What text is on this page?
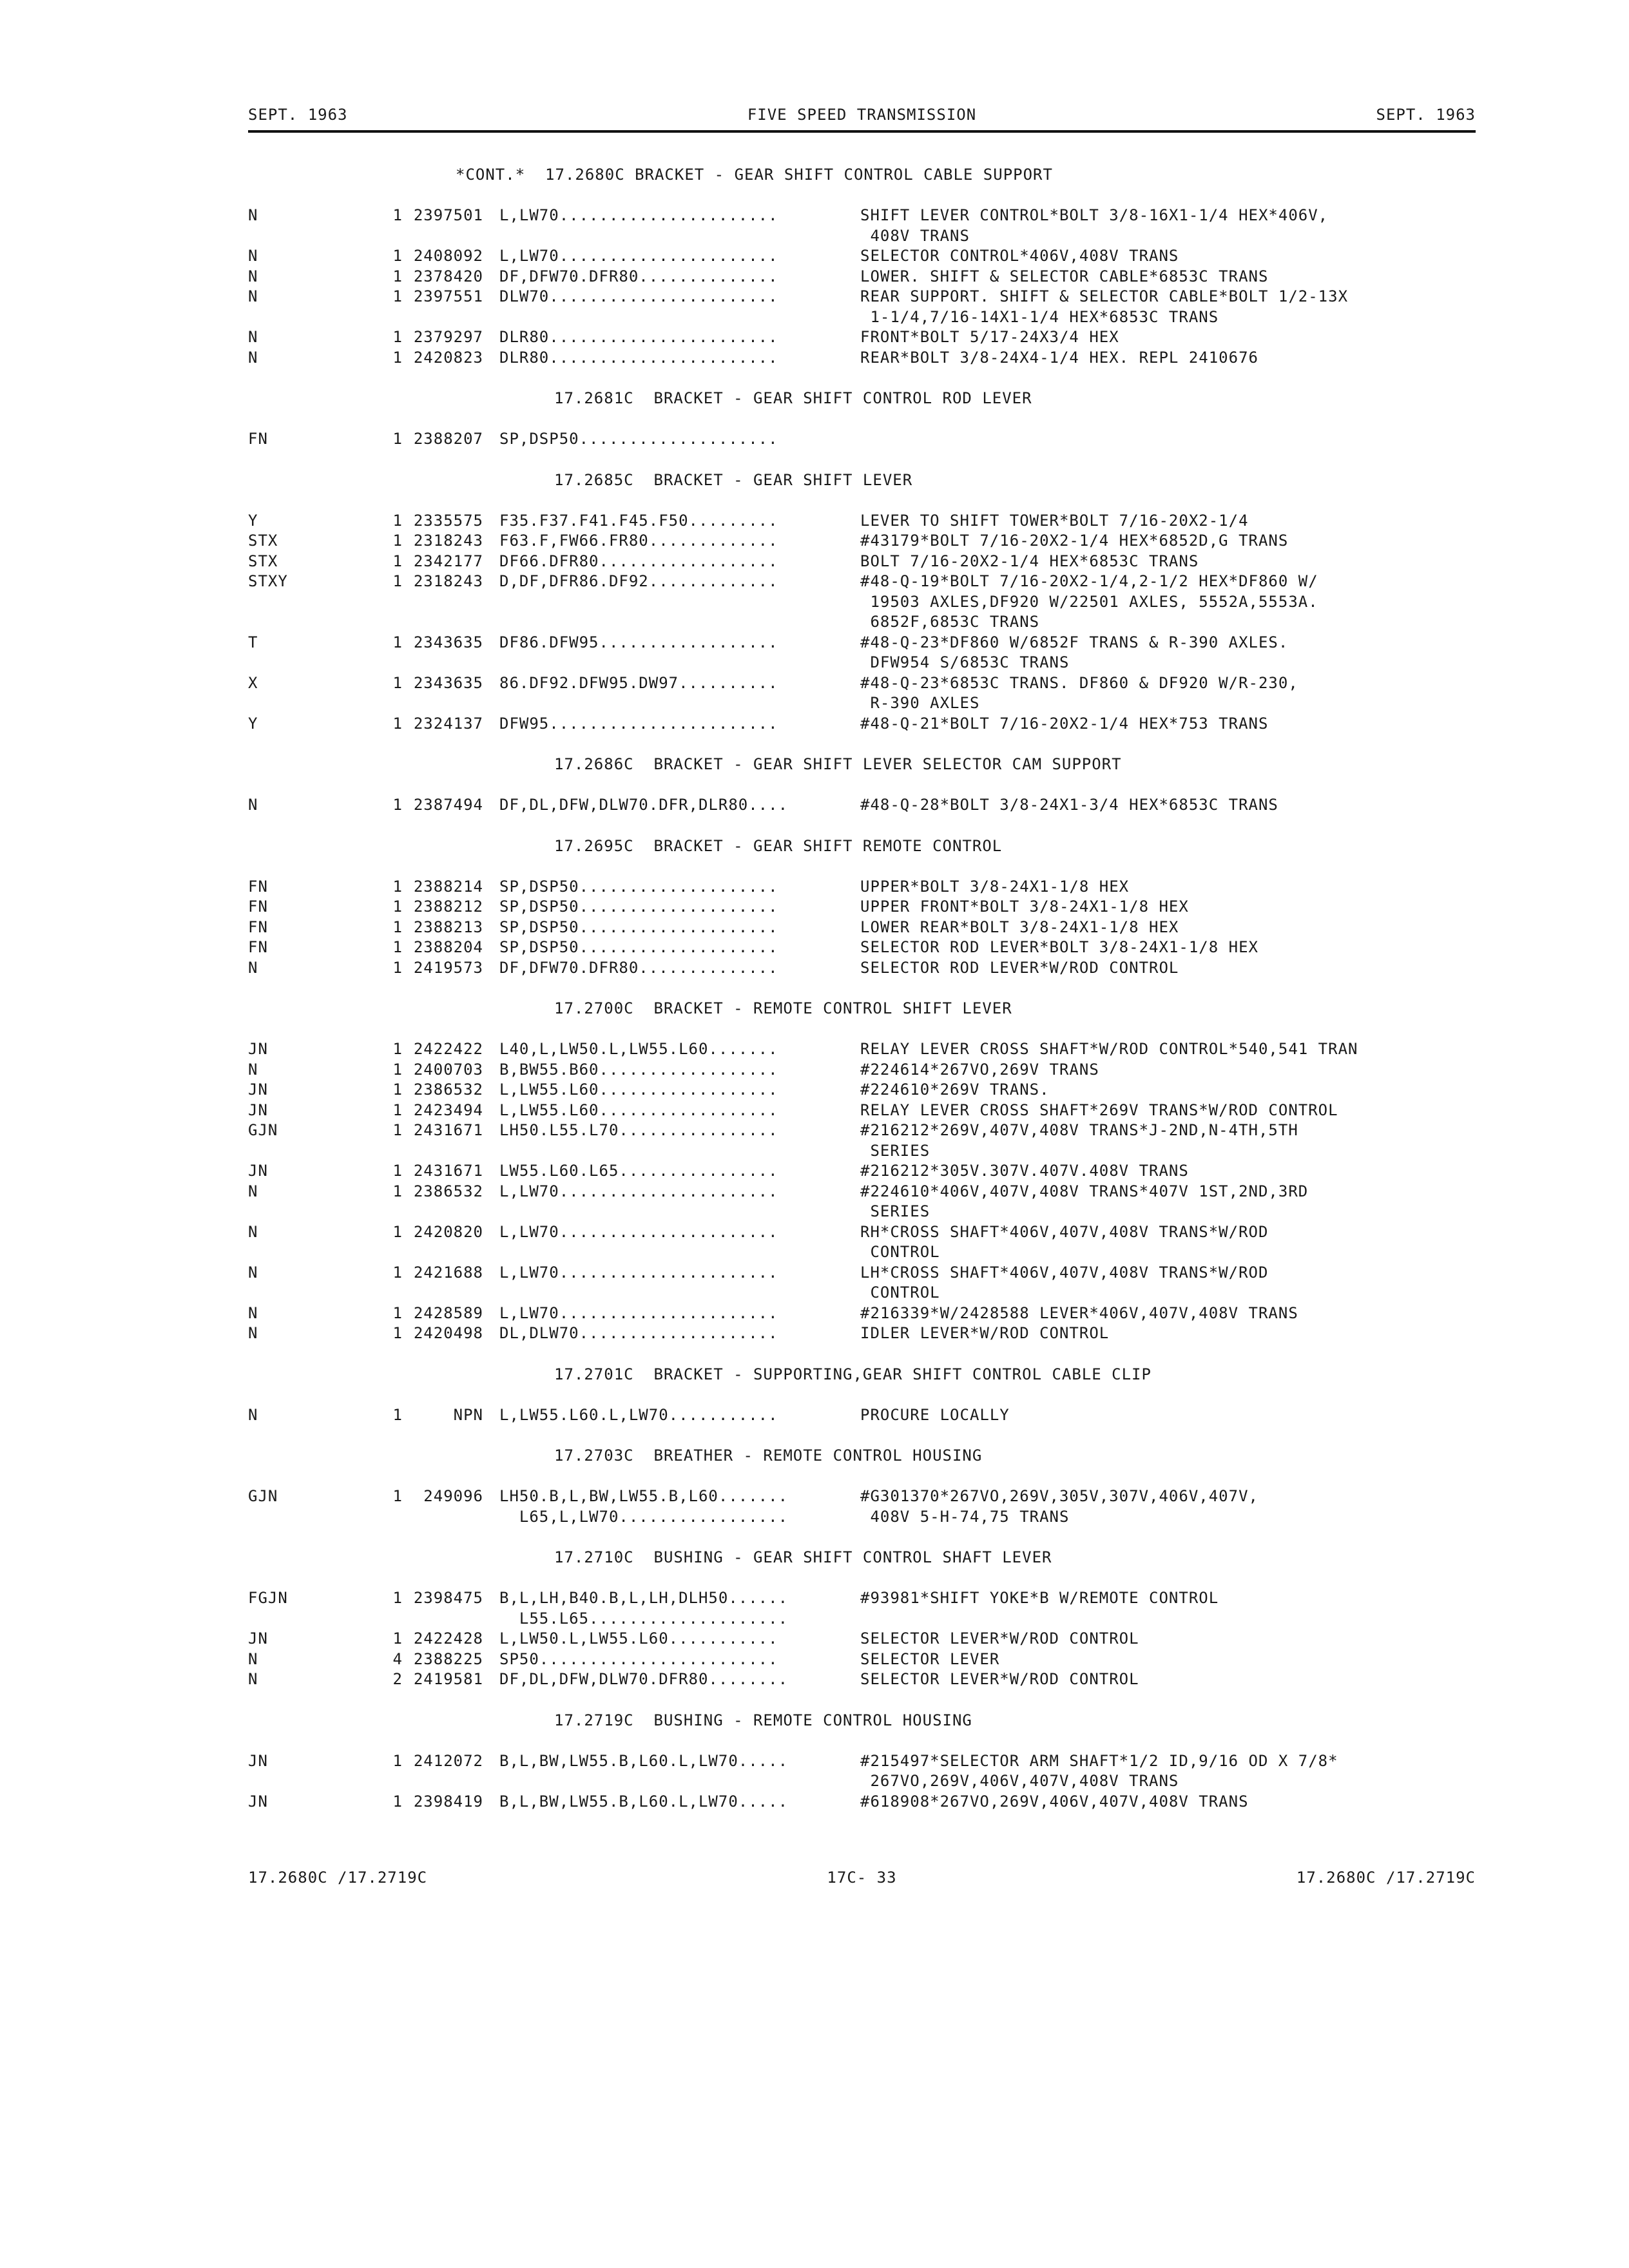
SEPT. 1963	FIVE SPEED TRANSMISSION	SEPT. 1963
*CONT.*  17.2680C BRACKET - GEAR SHIFT CONTROL CABLE SUPPORT
N	1 2397501	L,LW70......................	SHIFT LEVER CONTROL*BOLT 3/8-16X1-1/4 HEX*406V,
408V TRANS
N	1 2408092	L,LW70......................	SELECTOR CONTROL*406V,408V TRANS
N	1 2378420	DF,DFW70.DFR80..............	LOWER. SHIFT & SELECTOR CABLE*6853C TRANS
N	1 2397551	DLW70.......................	REAR SUPPORT. SHIFT & SELECTOR CABLE*BOLT 1/2-13X
1-1/4,7/16-14X1-1/4 HEX*6853C TRANS
N	1 2379297	DLR80.......................	FRONT*BOLT 5/17-24X3/4 HEX
N	1 2420823	DLR80.......................	REAR*BOLT 3/8-24X4-1/4 HEX. REPL 2410676
17.2681C  BRACKET - GEAR SHIFT CONTROL ROD LEVER
FN	1 2388207	SP,DSP50....................
17.2685C  BRACKET - GEAR SHIFT LEVER
Y	1 2335575	F35.F37.F41.F45.F50.........	LEVER TO SHIFT TOWER*BOLT 7/16-20X2-1/4
STX	1 2318243	F63.F,FW66.FR80.............	#43179*BOLT 7/16-20X2-1/4 HEX*6852D,G TRANS
STX	1 2342177	DF66.DFR80..................	BOLT 7/16-20X2-1/4 HEX*6853C TRANS
STXY	1 2318243	D,DF,DFR86.DF92.............	#48-Q-19*BOLT 7/16-20X2-1/4,2-1/2 HEX*DF860 W/
19503 AXLES,DF920 W/22501 AXLES, 5552A,5553A.
6852F,6853C TRANS
T	1 2343635	DF86.DFW95..................	#48-Q-23*DF860 W/6852F TRANS & R-390 AXLES.
DFW954 S/6853C TRANS
X	1 2343635	86.DF92.DFW95.DW97..........	#48-Q-23*6853C TRANS. DF860 & DF920 W/R-230,
R-390 AXLES
Y	1 2324137	DFW95.......................	#48-Q-21*BOLT 7/16-20X2-1/4 HEX*753 TRANS
17.2686C  BRACKET - GEAR SHIFT LEVER SELECTOR CAM SUPPORT
N	1 2387494	DF,DL,DFW,DLW70.DFR,DLR80....	#48-Q-28*BOLT 3/8-24X1-3/4 HEX*6853C TRANS
17.2695C  BRACKET - GEAR SHIFT REMOTE CONTROL
FN	1 2388214	SP,DSP50....................	UPPER*BOLT 3/8-24X1-1/8 HEX
FN	1 2388212	SP,DSP50....................	UPPER FRONT*BOLT 3/8-24X1-1/8 HEX
FN	1 2388213	SP,DSP50....................	LOWER REAR*BOLT 3/8-24X1-1/8 HEX
FN	1 2388204	SP,DSP50....................	SELECTOR ROD LEVER*BOLT 3/8-24X1-1/8 HEX
N	1 2419573	DF,DFW70.DFR80..............	SELECTOR ROD LEVER*W/ROD CONTROL
17.2700C  BRACKET - REMOTE CONTROL SHIFT LEVER
JN	1 2422422	L40,L,LW50.L,LW55.L60.......	RELAY LEVER CROSS SHAFT*W/ROD CONTROL*540,541 TRAN
N	1 2400703	B,BW55.B60..................	#224614*267VO,269V TRANS
JN	1 2386532	L,LW55.L60..................	#224610*269V TRANS.
JN	1 2423494	L,LW55.L60..................	RELAY LEVER CROSS SHAFT*269V TRANS*W/ROD CONTROL
GJN	1 2431671	LH50.L55.L70................	#216212*269V,407V,408V TRANS*J-2ND,N-4TH,5TH
SERIES
JN	1 2431671	LW55.L60.L65................	#216212*305V.307V.407V.408V TRANS
N	1 2386532	L,LW70......................	#224610*406V,407V,408V TRANS*407V 1ST,2ND,3RD
SERIES
N	1 2420820	L,LW70......................	RH*CROSS SHAFT*406V,407V,408V TRANS*W/ROD
CONTROL
N	1 2421688	L,LW70......................	LH*CROSS SHAFT*406V,407V,408V TRANS*W/ROD
CONTROL
N	1 2428589	L,LW70......................	#216339*W/2428588 LEVER*406V,407V,408V TRANS
N	1 2420498	DL,DLW70....................	IDLER LEVER*W/ROD CONTROL
17.2701C  BRACKET - SUPPORTING,GEAR SHIFT CONTROL CABLE CLIP
N	1	NPN	L,LW55.L60.L,LW70...........	PROCURE LOCALLY
17.2703C  BREATHER - REMOTE CONTROL HOUSING
GJN	1	249096	LH50.B,L,BW,LW55.B,L60.......	#G301370*267VO,269V,305V,307V,406V,407V,
L65,L,LW70.................	408V 5-H-74,75 TRANS
17.2710C  BUSHING - GEAR SHIFT CONTROL SHAFT LEVER
FGJN	1 2398475	B,L,LH,B40.B,L,LH,DLH50......	#93981*SHIFT YOKE*B W/REMOTE CONTROL
L55.L65....................
JN	1 2422428	L,LW50.L,LW55.L60...........	SELECTOR LEVER*W/ROD CONTROL
N	4 2388225	SP50........................	SELECTOR LEVER
N	2 2419581	DF,DL,DFW,DLW70.DFR80........	SELECTOR LEVER*W/ROD CONTROL
17.2719C  BUSHING - REMOTE CONTROL HOUSING
JN	1 2412072	B,L,BW,LW55.B,L60.L,LW70.....	#215497*SELECTOR ARM SHAFT*1/2 ID,9/16 OD X 7/8*
267VO,269V,406V,407V,408V TRANS
JN	1 2398419	B,L,BW,LW55.B,L60.L,LW70.....	#618908*267VO,269V,406V,407V,408V TRANS
17.2680C /17.2719C	17C- 33	17.2680C /17.2719C
